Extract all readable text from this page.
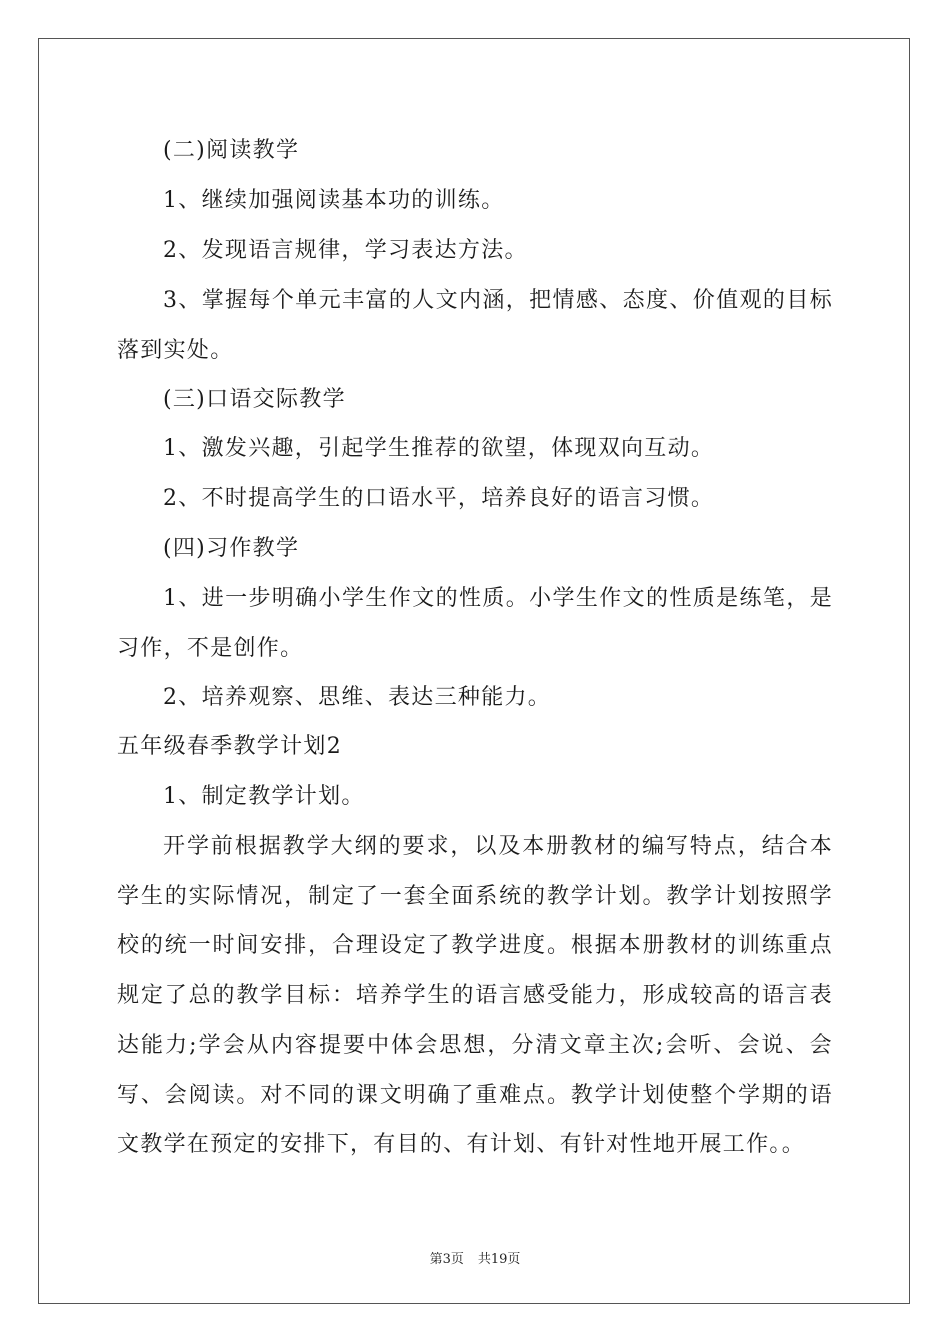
(二)阅读教学
1、继续加强阅读基本功的训练。
2、发现语言规律，学习表达方法。
3、掌握每个单元丰富的人文内涵，把情感、态度、价值观的目标落到实处。
(三)口语交际教学
1、激发兴趣，引起学生推荐的欲望，体现双向互动。
2、不时提高学生的口语水平，培养良好的语言习惯。
(四)习作教学
1、进一步明确小学生作文的性质。小学生作文的性质是练笔，是习作，不是创作。
2、培养观察、思维、表达三种能力。
五年级春季教学计划2
1、制定教学计划。
开学前根据教学大纲的要求，以及本册教材的编写特点，结合本学生的实际情况，制定了一套全面系统的教学计划。教学计划按照学校的统一时间安排，合理设定了教学进度。根据本册教材的训练重点规定了总的教学目标：培养学生的语言感受能力，形成较高的语言表达能力;学会从内容提要中体会思想，分清文章主次;会听、会说、会写、会阅读。对不同的课文明确了重难点。教学计划使整个学期的语文教学在预定的安排下，有目的、有计划、有针对性地开展工作。。
第3页 共19页
